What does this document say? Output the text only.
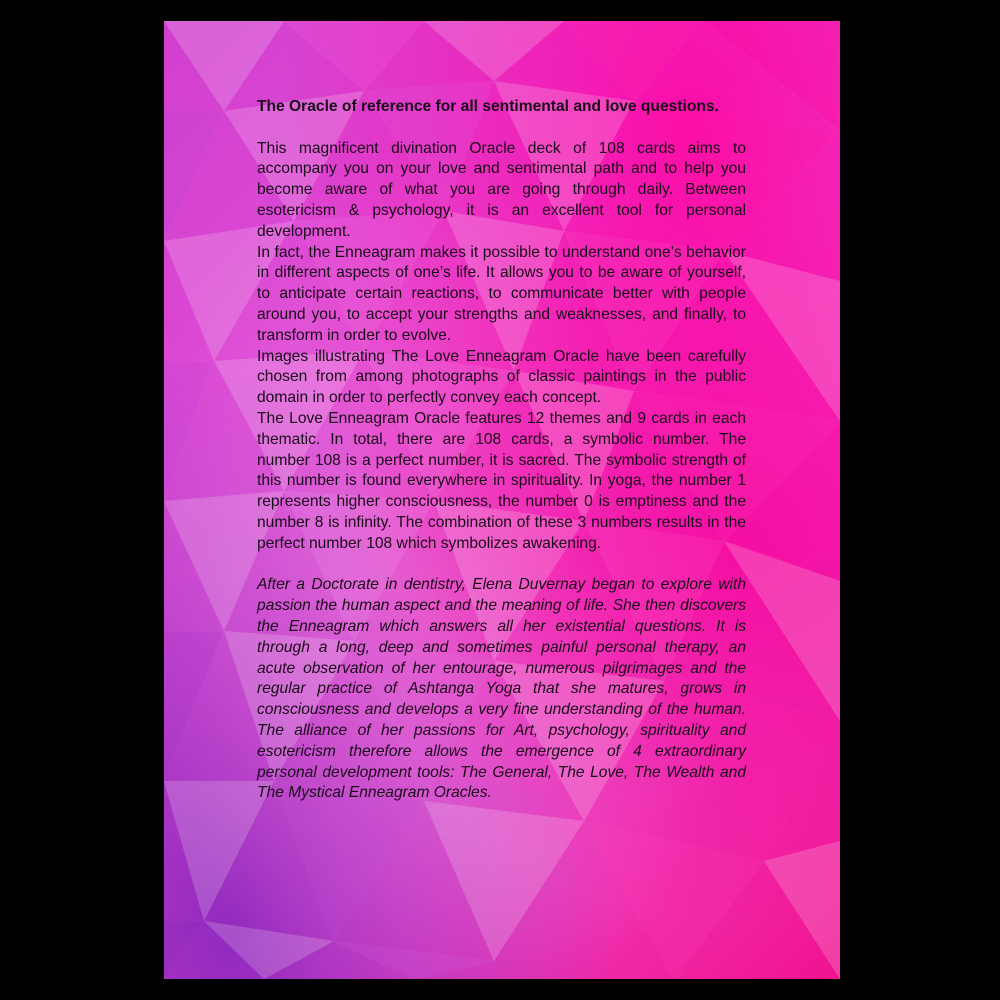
The Oracle of reference for all sentimental and love questions.

This magnificent divination Oracle deck of 108 cards aims to accompany you on your love and sentimental path and to help you become aware of what you are going through daily. Between esotericism & psychology, it is an excellent tool for personal development.

In fact, the Enneagram makes it possible to understand one’s behavior in different aspects of one’s life. It allows you to be aware of yourself, to anticipate certain reactions, to communicate better with people around you, to accept your strengths and weaknesses, and finally, to transform in order to evolve.

Images illustrating The Love Enneagram Oracle have been carefully chosen from among photographs of classic paintings in the public domain in order to perfectly convey each concept.

The Love Enneagram Oracle features 12 themes and 9 cards in each thematic. In total, there are 108 cards, a symbolic number. The number 108 is a perfect number, it is sacred. The symbolic strength of this number is found everywhere in spirituality. In yoga, the number 1 represents higher consciousness, the number 0 is emptiness and the number 8 is infinity. The combination of these 3 numbers results in the perfect number 108 which symbolizes awakening.

After a Doctorate in dentistry, Elena Duvernay began to explore with passion the human aspect and the meaning of life. She then discovers the Enneagram which answers all her existential questions. It is through a long, deep and sometimes painful personal therapy, an acute observation of her entourage, numerous pilgrimages and the regular practice of Ashtanga Yoga that she matures, grows in consciousness and develops a very fine understanding of the human. The alliance of her passions for Art, psychology, spirituality and esotericism therefore allows the emergence of 4 extraordinary personal development tools: The General, The Love, The Wealth and The Mystical Enneagram Oracles.
